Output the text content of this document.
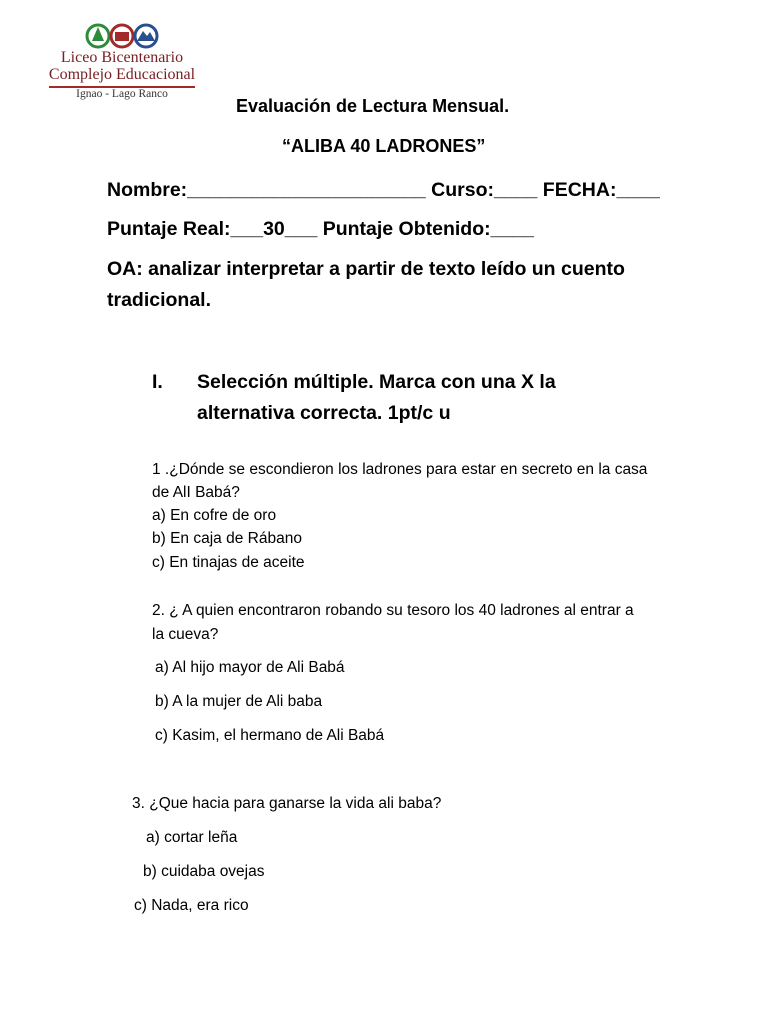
Liceo Bicentenario
Complejo Educacional
Ignao - Lago Ranco
Evaluación de Lectura Mensual.
“ALIBA 40 LADRONES”
Nombre:______________________ Curso:____ FECHA:____
Puntaje Real:___30___ Puntaje Obtenido:____
OA: analizar interpretar a partir de texto leído un cuento
tradicional.
I. Selección múltiple. Marca con una X la
alternativa correcta. 1pt/c u
1 .¿Dónde se escondieron los ladrones para estar en secreto en la casa
de AlI Babá?
a) En cofre de oro
b) En caja de Rábano
c) En tinajas de aceite
2. ¿ A quien encontraron robando su tesoro los 40 ladrones al entrar a
la cueva?
a) Al hijo mayor de Ali Babá
b) A la mujer de Ali baba
c) Kasim, el hermano de Ali Babá
3. ¿Que hacia para ganarse la vida ali baba?
a) cortar leña
b) cuidaba ovejas
c) Nada, era rico
